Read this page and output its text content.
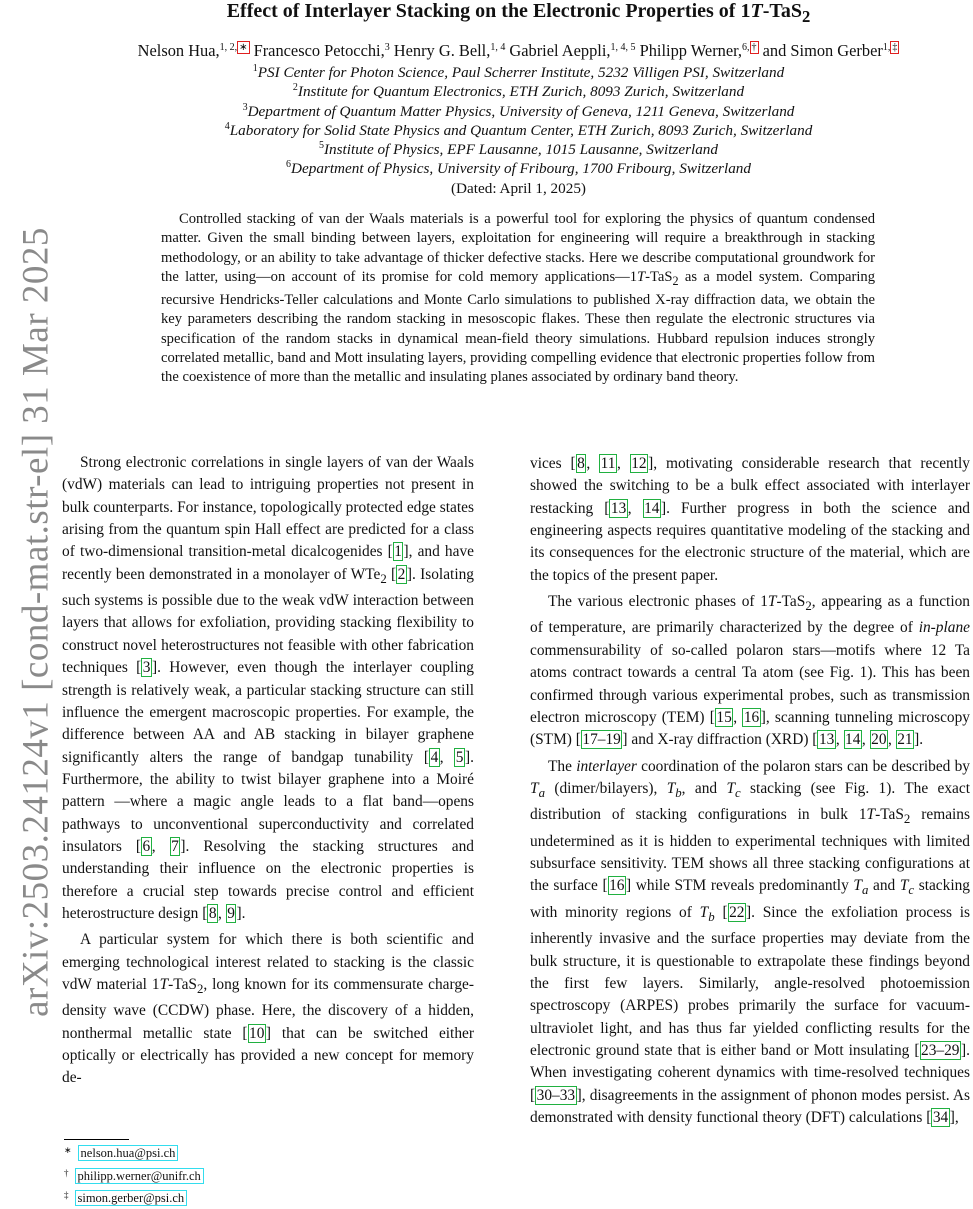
arXiv:2503.24124v1 [cond-mat.str-el] 31 Mar 2025
Effect of Interlayer Stacking on the Electronic Properties of 1T-TaS$_2$
Nelson Hua,$^{1, 2,}$ ∗ Francesco Petocchi,$^3$ Henry G. Bell,$^{1, 4}$ Gabriel Aeppli,$^{1, 4, 5}$ Philipp Werner,$^{6,}$ † and Simon Gerber$^{1,}$ ‡
$^1$PSI Center for Photon Science, Paul Scherrer Institute, 5232 Villigen PSI, Switzerland
$^2$Institute for Quantum Electronics, ETH Zurich, 8093 Zurich, Switzerland
$^3$Department of Quantum Matter Physics, University of Geneva, 1211 Geneva, Switzerland
$^4$Laboratory for Solid State Physics and Quantum Center, ETH Zurich, 8093 Zurich, Switzerland
$^5$Institute of Physics, EPF Lausanne, 1015 Lausanne, Switzerland
$^6$Department of Physics, University of Fribourg, 1700 Fribourg, Switzerland
(Dated: April 1, 2025)

Controlled stacking of van der Waals materials is a powerful tool for exploring the physics of quantum condensed matter. Given the small binding between layers, exploitation for engineering will require a breakthrough in stacking methodology, or an ability to take advantage of thicker defective stacks. Here we describe computational groundwork for the latter, using—on account of its promise for cold memory applications—1T-TaS$_2$ as a model system. Comparing recursive Hendricks-Teller calculations and Monte Carlo simulations to published X-ray diffraction data, we obtain the key parameters describing the random stacking in mesoscopic flakes. These then regulate the electronic structures via specification of the random stacks in dynamical mean-field theory simulations. Hubbard repulsion induces strongly correlated metallic, band and Mott insulating layers, providing compelling evidence that electronic properties follow from the coexistence of more than the metallic and insulating planes associated by ordinary band theory.

Strong electronic correlations in single layers of van der Waals (vdW) materials can lead to intriguing properties not present in bulk counterparts. For instance, topologically protected edge states arising from the quantum spin Hall effect are predicted for a class of two-dimensional transition-metal dicalcogenides [1], and have recently been demonstrated in a monolayer of WTe$_2$ [2]. Isolating such systems is possible due to the weak vdW interaction between layers that allows for exfoliation, providing stacking flexibility to construct novel heterostructures not feasible with other fabrication techniques [3]. However, even though the interlayer coupling strength is relatively weak, a particular stacking structure can still influence the emergent macroscopic properties. For example, the difference between AA and AB stacking in bilayer graphene significantly alters the range of bandgap tunability [4, 5]. Furthermore, the ability to twist bilayer graphene into a Moiré pattern —where a magic angle leads to a flat band—opens pathways to unconventional superconductivity and correlated insulators [6, 7]. Resolving the stacking structures and understanding their influence on the electronic properties is therefore a crucial step towards precise control and efficient heterostructure design [8, 9].

A particular system for which there is both scientific and emerging technological interest related to stacking is the classic vdW material 1T-TaS$_2$, long known for its commensurate charge-density wave (CCDW) phase. Here, the discovery of a hidden, nonthermal metallic state [10] that can be switched either optically or electrically has provided a new concept for memory de-

vices [8, 11, 12], motivating considerable research that recently showed the switching to be a bulk effect associated with interlayer restacking [13, 14]. Further progress in both the science and engineering aspects requires quantitative modeling of the stacking and its consequences for the electronic structure of the material, which are the topics of the present paper.

The various electronic phases of 1T-TaS$_2$, appearing as a function of temperature, are primarily characterized by the degree of in-plane commensurability of so-called polaron stars—motifs where 12 Ta atoms contract towards a central Ta atom (see Fig. 1). This has been confirmed through various experimental probes, such as transmission electron microscopy (TEM) [15, 16], scanning tunneling microscopy (STM) [17–19] and X-ray diffraction (XRD) [13, 14, 20, 21].

The interlayer coordination of the polaron stars can be described by $T_a$ (dimer/bilayers), $T_b$, and $T_c$ stacking (see Fig. 1). The exact distribution of stacking configurations in bulk 1T-TaS$_2$ remains undetermined as it is hidden to experimental techniques with limited subsurface sensitivity. TEM shows all three stacking configurations at the surface [16] while STM reveals predominantly $T_a$ and $T_c$ stacking with minority regions of $T_b$ [22]. Since the exfoliation process is inherently invasive and the surface properties may deviate from the bulk structure, it is questionable to extrapolate these findings beyond the first few layers. Similarly, angle-resolved photoemission spectroscopy (ARPES) probes primarily the surface for vacuum-ultraviolet light, and has thus far yielded conflicting results for the electronic ground state that is either band or Mott insulating [23–29]. When investigating coherent dynamics with time-resolved techniques [30–33], disagreements in the assignment of phonon modes persist. As demonstrated with density functional theory (DFT) calculations [34],

∗ nelson.hua@psi.ch
† philipp.werner@unifr.ch
‡ simon.gerber@psi.ch
